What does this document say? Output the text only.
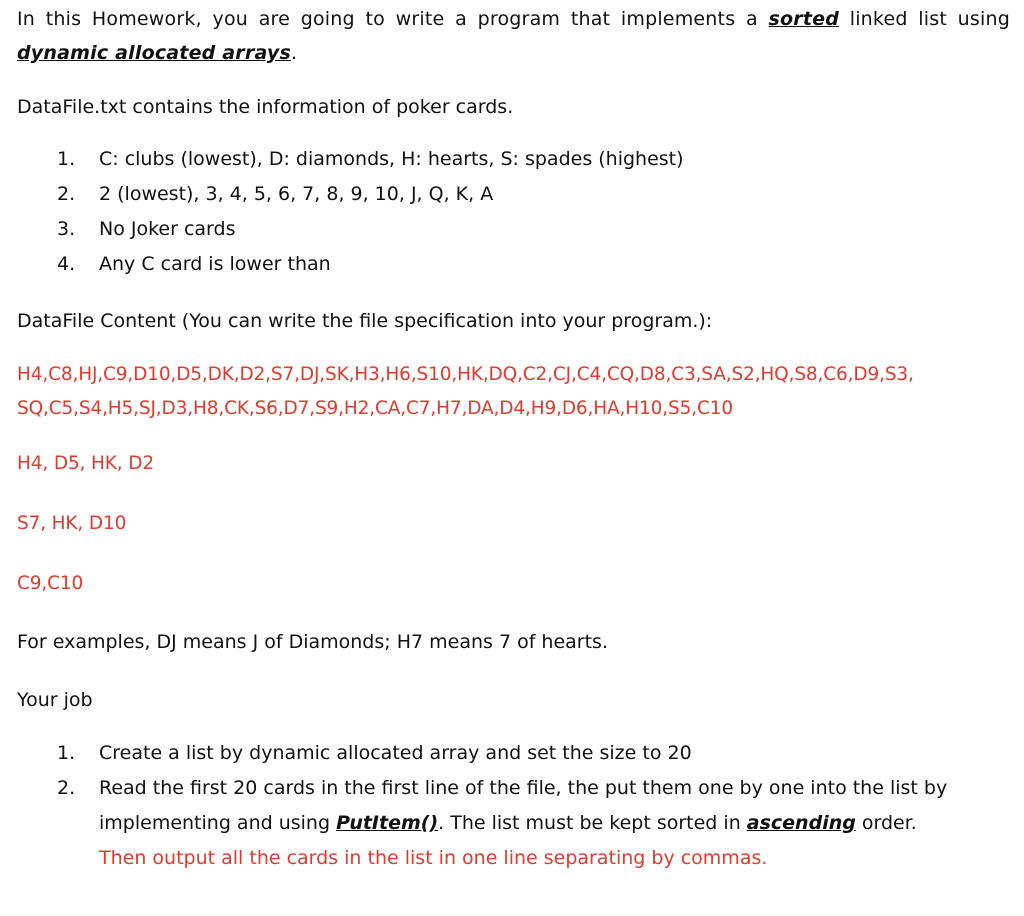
In this Homework, you are going to write a program that implements a sorted linked list using dynamic allocated arrays.

DataFile.txt contains the information of poker cards.

1.	C: clubs (lowest), D: diamonds, H: hearts, S: spades (highest)
2.	2 (lowest), 3, 4, 5, 6, 7, 8, 9, 10, J, Q, K, A
3.	No Joker cards
4.	Any C card is lower than

DataFile Content (You can write the file specification into your program.):

H4,C8,HJ,C9,D10,D5,DK,D2,S7,DJ,SK,H3,H6,S10,HK,DQ,C2,CJ,C4,CQ,D8,C3,SA,S2,HQ,S8,C6,D9,S3,

SQ,C5,S4,H5,SJ,D3,H8,CK,S6,D7,S9,H2,CA,C7,H7,DA,D4,H9,D6,HA,H10,S5,C10

H4, D5, HK, D2

S7, HK, D10

C9,C10

For examples, DJ means J of Diamonds; H7 means 7 of hearts.

Your job

1.	Create a list by dynamic allocated array and set the size to 20
2.	Read the first 20 cards in the first line of the file, the put them one by one into the list by implementing and using PutItem(). The list must be kept sorted in ascending order.
Then output all the cards in the list in one line separating by commas.
